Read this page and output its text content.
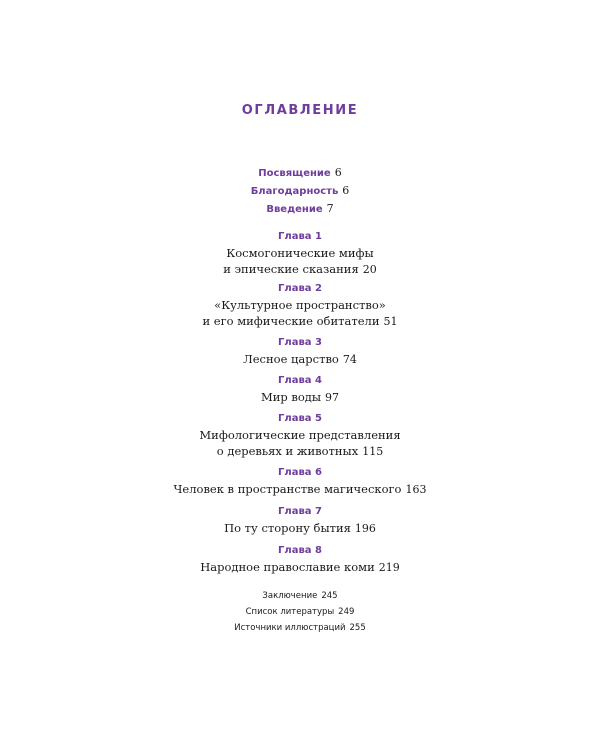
ОГЛАВЛЕНИЕ
Посвящение 6
Благодарность 6
Введение 7
Глава 1
Космогонические мифы
и эпические сказания 20
Глава 2
«Культурное пространство»
и его мифические обитатели 51
Глава 3
Лесное царство 74
Глава 4
Мир воды 97
Глава 5
Мифологические представления
о деревьях и животных 115
Глава 6
Человек в пространстве магического 163
Глава 7
По ту сторону бытия 196
Глава 8
Народное православие коми 219
Заключение 245
Список литературы 249
Источники иллюстраций 255
